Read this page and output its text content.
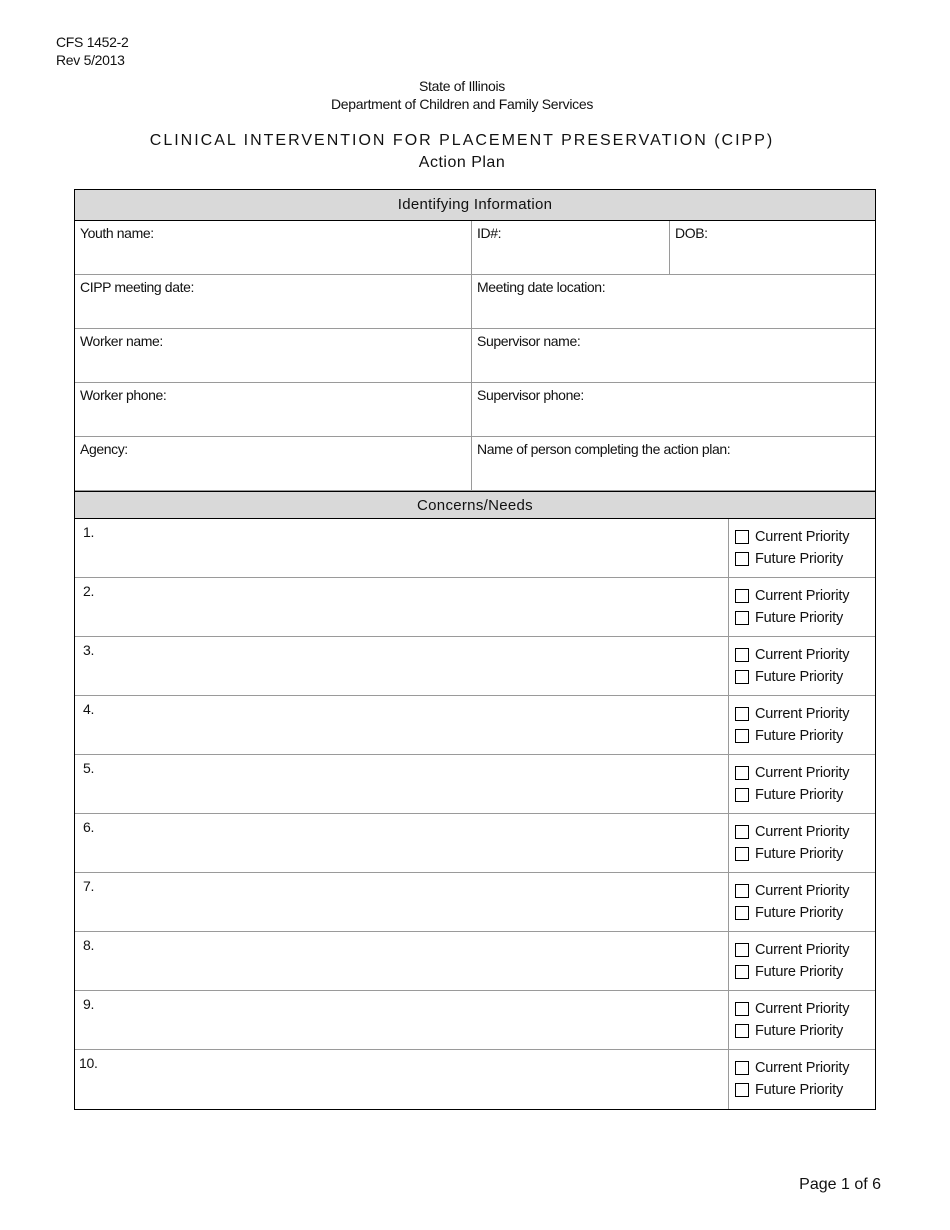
CFS 1452-2
Rev 5/2013
State of Illinois
Department of Children and Family Services
CLINICAL INTERVENTION FOR PLACEMENT PRESERVATION (CIPP)
Action Plan
Identifying Information
Youth name:	ID#:	DOB:
CIPP meeting date:	Meeting date location:
Worker name:	Supervisor name:
Worker phone:	Supervisor phone:
Agency:	Name of person completing the action plan:
Concerns/Needs
1.	Current Priority
Future Priority
2.	Current Priority
Future Priority
3.	Current Priority
Future Priority
4.	Current Priority
Future Priority
5.	Current Priority
Future Priority
6.	Current Priority
Future Priority
7.	Current Priority
Future Priority
8.	Current Priority
Future Priority
9.	Current Priority
Future Priority
10.	Current Priority
Future Priority
Page 1 of 6
